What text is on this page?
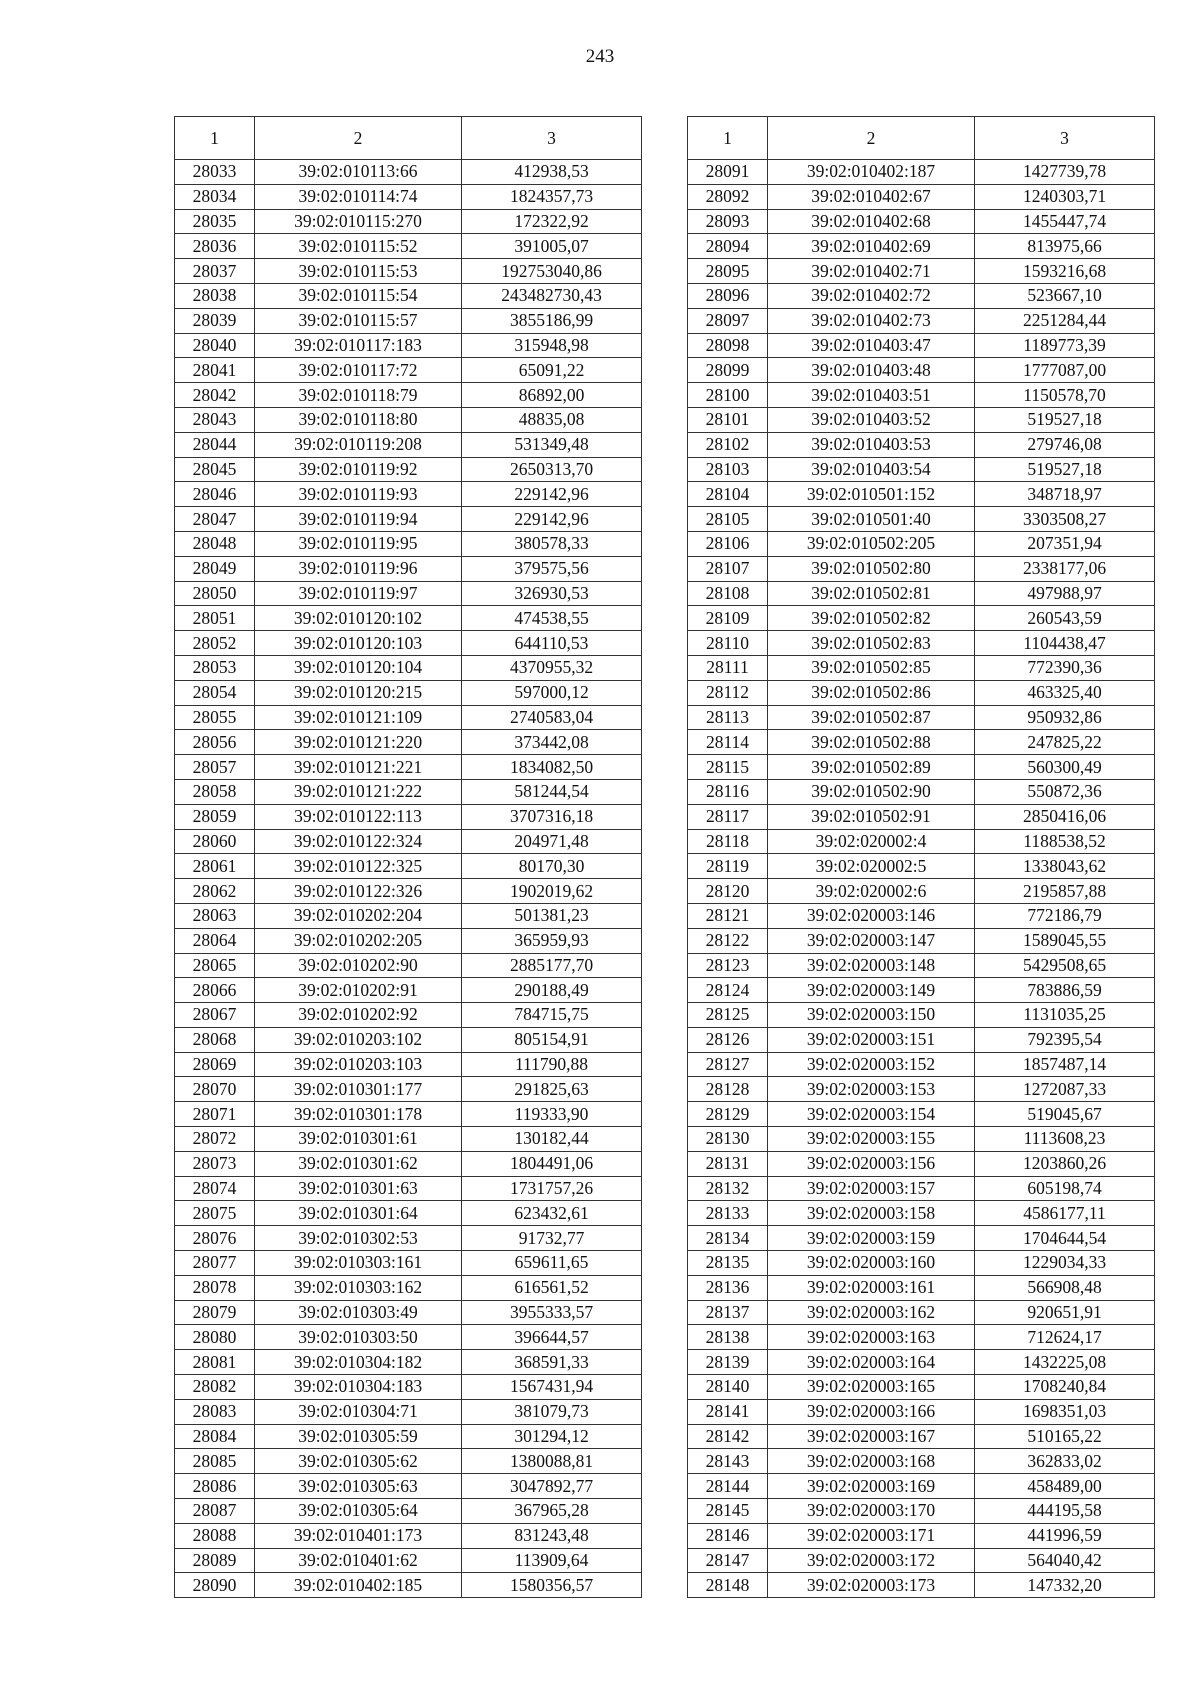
243
1	2	3
28033	39:02:010113:66	412938,53
28034	39:02:010114:74	1824357,73
28035	39:02:010115:270	172322,92
28036	39:02:010115:52	391005,07
28037	39:02:010115:53	192753040,86
28038	39:02:010115:54	243482730,43
28039	39:02:010115:57	3855186,99
28040	39:02:010117:183	315948,98
28041	39:02:010117:72	65091,22
28042	39:02:010118:79	86892,00
28043	39:02:010118:80	48835,08
28044	39:02:010119:208	531349,48
28045	39:02:010119:92	2650313,70
28046	39:02:010119:93	229142,96
28047	39:02:010119:94	229142,96
28048	39:02:010119:95	380578,33
28049	39:02:010119:96	379575,56
28050	39:02:010119:97	326930,53
28051	39:02:010120:102	474538,55
28052	39:02:010120:103	644110,53
28053	39:02:010120:104	4370955,32
28054	39:02:010120:215	597000,12
28055	39:02:010121:109	2740583,04
28056	39:02:010121:220	373442,08
28057	39:02:010121:221	1834082,50
28058	39:02:010121:222	581244,54
28059	39:02:010122:113	3707316,18
28060	39:02:010122:324	204971,48
28061	39:02:010122:325	80170,30
28062	39:02:010122:326	1902019,62
28063	39:02:010202:204	501381,23
28064	39:02:010202:205	365959,93
28065	39:02:010202:90	2885177,70
28066	39:02:010202:91	290188,49
28067	39:02:010202:92	784715,75
28068	39:02:010203:102	805154,91
28069	39:02:010203:103	111790,88
28070	39:02:010301:177	291825,63
28071	39:02:010301:178	119333,90
28072	39:02:010301:61	130182,44
28073	39:02:010301:62	1804491,06
28074	39:02:010301:63	1731757,26
28075	39:02:010301:64	623432,61
28076	39:02:010302:53	91732,77
28077	39:02:010303:161	659611,65
28078	39:02:010303:162	616561,52
28079	39:02:010303:49	3955333,57
28080	39:02:010303:50	396644,57
28081	39:02:010304:182	368591,33
28082	39:02:010304:183	1567431,94
28083	39:02:010304:71	381079,73
28084	39:02:010305:59	301294,12
28085	39:02:010305:62	1380088,81
28086	39:02:010305:63	3047892,77
28087	39:02:010305:64	367965,28
28088	39:02:010401:173	831243,48
28089	39:02:010401:62	113909,64
28090	39:02:010402:185	1580356,57
1	2	3
28091	39:02:010402:187	1427739,78
28092	39:02:010402:67	1240303,71
28093	39:02:010402:68	1455447,74
28094	39:02:010402:69	813975,66
28095	39:02:010402:71	1593216,68
28096	39:02:010402:72	523667,10
28097	39:02:010402:73	2251284,44
28098	39:02:010403:47	1189773,39
28099	39:02:010403:48	1777087,00
28100	39:02:010403:51	1150578,70
28101	39:02:010403:52	519527,18
28102	39:02:010403:53	279746,08
28103	39:02:010403:54	519527,18
28104	39:02:010501:152	348718,97
28105	39:02:010501:40	3303508,27
28106	39:02:010502:205	207351,94
28107	39:02:010502:80	2338177,06
28108	39:02:010502:81	497988,97
28109	39:02:010502:82	260543,59
28110	39:02:010502:83	1104438,47
28111	39:02:010502:85	772390,36
28112	39:02:010502:86	463325,40
28113	39:02:010502:87	950932,86
28114	39:02:010502:88	247825,22
28115	39:02:010502:89	560300,49
28116	39:02:010502:90	550872,36
28117	39:02:010502:91	2850416,06
28118	39:02:020002:4	1188538,52
28119	39:02:020002:5	1338043,62
28120	39:02:020002:6	2195857,88
28121	39:02:020003:146	772186,79
28122	39:02:020003:147	1589045,55
28123	39:02:020003:148	5429508,65
28124	39:02:020003:149	783886,59
28125	39:02:020003:150	1131035,25
28126	39:02:020003:151	792395,54
28127	39:02:020003:152	1857487,14
28128	39:02:020003:153	1272087,33
28129	39:02:020003:154	519045,67
28130	39:02:020003:155	1113608,23
28131	39:02:020003:156	1203860,26
28132	39:02:020003:157	605198,74
28133	39:02:020003:158	4586177,11
28134	39:02:020003:159	1704644,54
28135	39:02:020003:160	1229034,33
28136	39:02:020003:161	566908,48
28137	39:02:020003:162	920651,91
28138	39:02:020003:163	712624,17
28139	39:02:020003:164	1432225,08
28140	39:02:020003:165	1708240,84
28141	39:02:020003:166	1698351,03
28142	39:02:020003:167	510165,22
28143	39:02:020003:168	362833,02
28144	39:02:020003:169	458489,00
28145	39:02:020003:170	444195,58
28146	39:02:020003:171	441996,59
28147	39:02:020003:172	564040,42
28148	39:02:020003:173	147332,20
